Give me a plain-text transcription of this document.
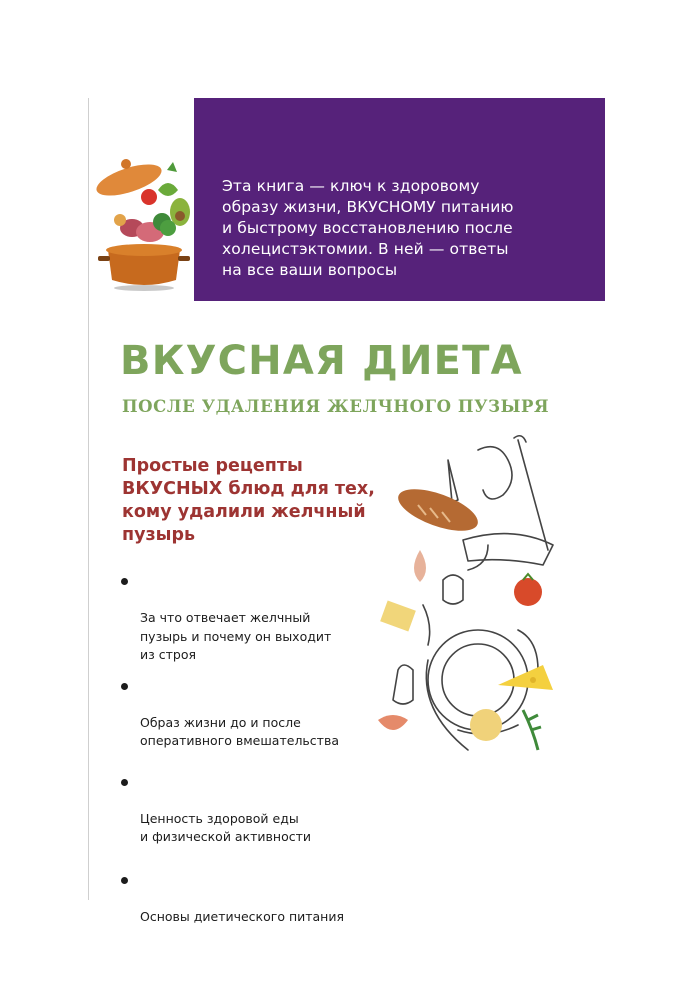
Эта книга — ключ к здоровому
образу жизни, ВКУСНОМУ питанию
и быстрому восстановлению после
холецистэктомии. В ней — ответы
на все ваши вопросы

ВКУСНАЯ ДИЕТА
ПОСЛЕ УДАЛЕНИЯ ЖЕЛЧНОГО ПУЗЫРЯ

Простые рецепты
ВКУСНЫХ блюд для тех,
кому удалили желчный
пузырь

За что отвечает желчный
пузырь и почему он выходит
из строя

Образ жизни до и после
оперативного вмешательства

Ценность здоровой еды
и физической активности

Основы диетического питания
